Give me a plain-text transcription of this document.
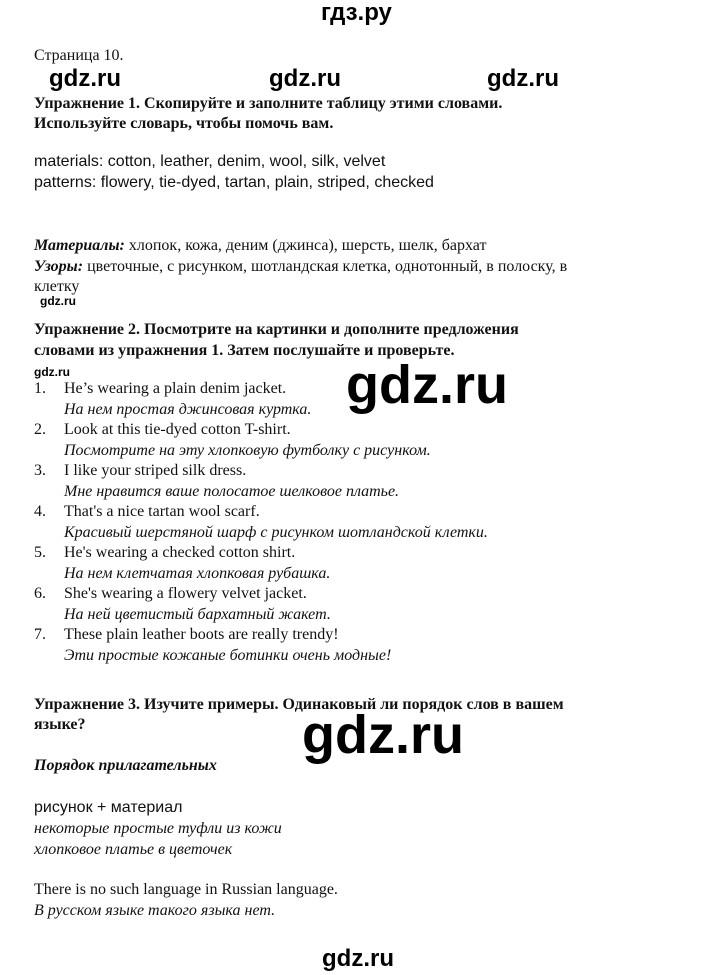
гдз.ру
Страница 10.
gdz.ru	gdz.ru	gdz.ru
Упражнение 1. Скопируйте и заполните таблицу этими словами.
Используйте словарь, чтобы помочь вам.
materials: cotton, leather, denim, wool, silk, velvet
patterns: flowery, tie-dyed, tartan, plain, striped, checked
Материалы: хлопок, кожа, деним (джинса), шерсть, шелк, бархат
Узоры: цветочные, с рисунком, шотландская клетка, однотонный, в полоску, в
клетку
gdz.ru
Упражнение 2. Посмотрите на картинки и дополните предложения
словами из упражнения 1. Затем послушайте и проверьте.
gdz.ru
1. He’s wearing a plain denim jacket.
На нем простая джинсовая куртка.
2. Look at this tie-dyed cotton T-shirt.
Посмотрите на эту хлопковую футболку с рисунком.
3. I like your striped silk dress.
Мне нравится ваше полосатое шелковое платье.
4. That's a nice tartan wool scarf.
Красивый шерстяной шарф с рисунком шотландской клетки.
5. He's wearing a checked cotton shirt.
На нем клетчатая хлопковая рубашка.
6. She's wearing a flowery velvet jacket.
На ней цветистый бархатный жакет.
7. These plain leather boots are really trendy!
Эти простые кожаные ботинки очень модные!
gdz.ru
Упражнение 3. Изучите примеры. Одинаковый ли порядок слов в вашем
языке?	gdz.ru
Порядок прилагательных
рисунок + материал
некоторые простые туфли из кожи
хлопковое платье в цветочек
There is no such language in Russian language.
В русском языке такого языка нет.
gdz.ru
